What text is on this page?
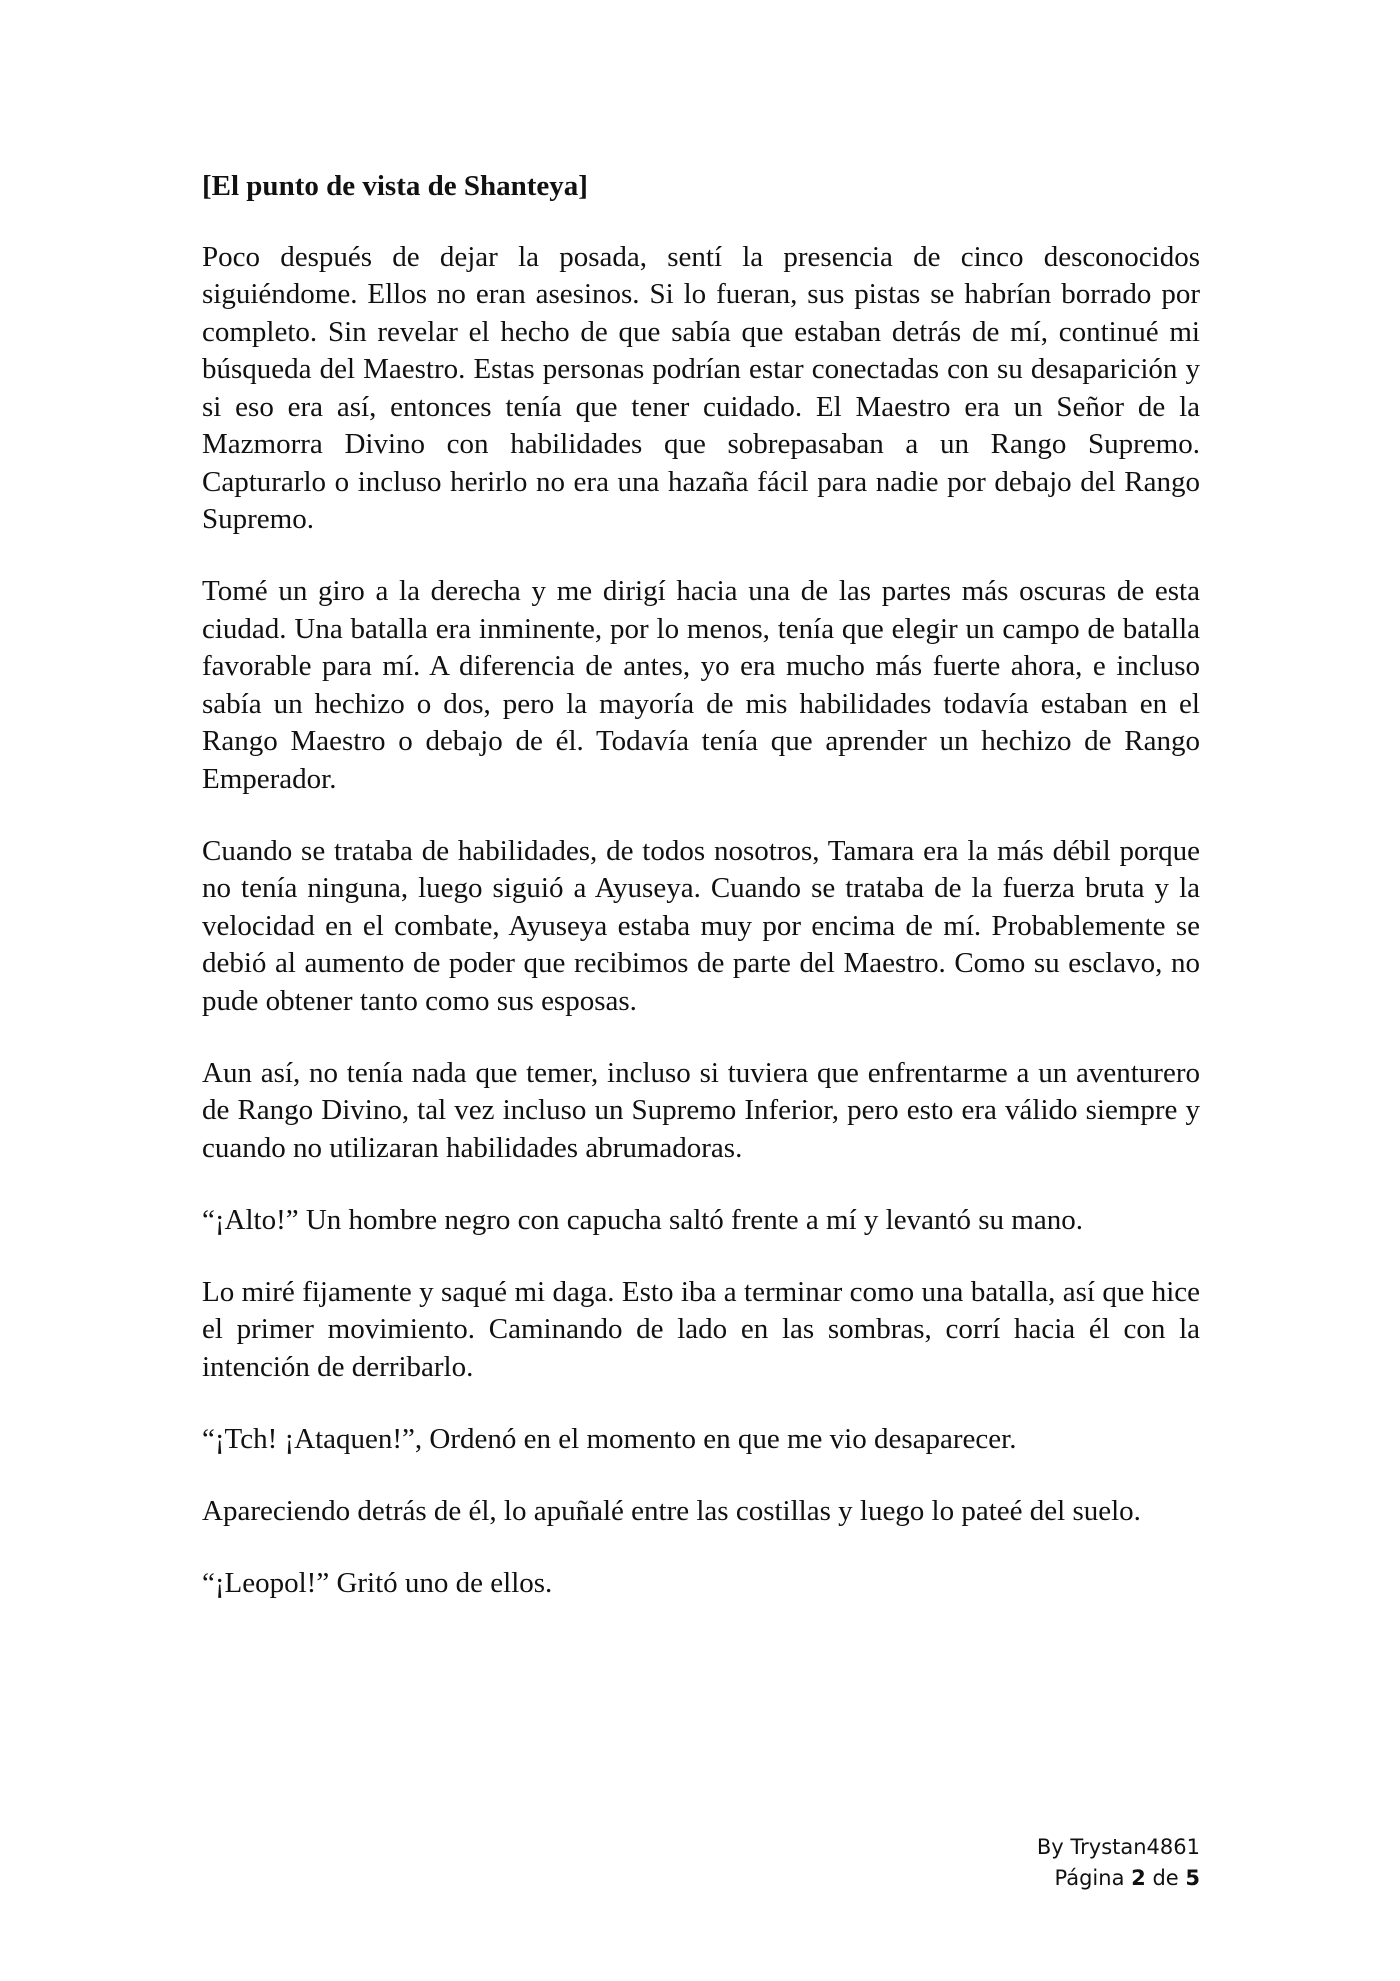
[El punto de vista de Shanteya]

Poco después de dejar la posada, sentí la presencia de cinco desconocidos siguiéndome. Ellos no eran asesinos. Si lo fueran, sus pistas se habrían borrado por completo. Sin revelar el hecho de que sabía que estaban detrás de mí, continué mi búsqueda del Maestro. Estas personas podrían estar conectadas con su desaparición y si eso era así, entonces tenía que tener cuidado. El Maestro era un Señor de la Mazmorra Divino con habilidades que sobrepasaban a un Rango Supremo. Capturarlo o incluso herirlo no era una hazaña fácil para nadie por debajo del Rango Supremo.

Tomé un giro a la derecha y me dirigí hacia una de las partes más oscuras de esta ciudad. Una batalla era inminente, por lo menos, tenía que elegir un campo de batalla favorable para mí. A diferencia de antes, yo era mucho más fuerte ahora, e incluso sabía un hechizo o dos, pero la mayoría de mis habilidades todavía estaban en el Rango Maestro o debajo de él. Todavía tenía que aprender un hechizo de Rango Emperador.

Cuando se trataba de habilidades, de todos nosotros, Tamara era la más débil porque no tenía ninguna, luego siguió a Ayuseya. Cuando se trataba de la fuerza bruta y la velocidad en el combate, Ayuseya estaba muy por encima de mí. Probablemente se debió al aumento de poder que recibimos de parte del Maestro. Como su esclavo, no pude obtener tanto como sus esposas.

Aun así, no tenía nada que temer, incluso si tuviera que enfrentarme a un aventurero de Rango Divino, tal vez incluso un Supremo Inferior, pero esto era válido siempre y cuando no utilizaran habilidades abrumadoras.

“¡Alto!” Un hombre negro con capucha saltó frente a mí y levantó su mano.

Lo miré fijamente y saqué mi daga. Esto iba a terminar como una batalla, así que hice el primer movimiento. Caminando de lado en las sombras, corrí hacia él con la intención de derribarlo.

“¡Tch! ¡Ataquen!”, Ordenó en el momento en que me vio desaparecer.

Apareciendo detrás de él, lo apuñalé entre las costillas y luego lo pateé del suelo.

“¡Leopol!” Gritó uno de ellos.

By Trystan4861
Página 2 de 5
